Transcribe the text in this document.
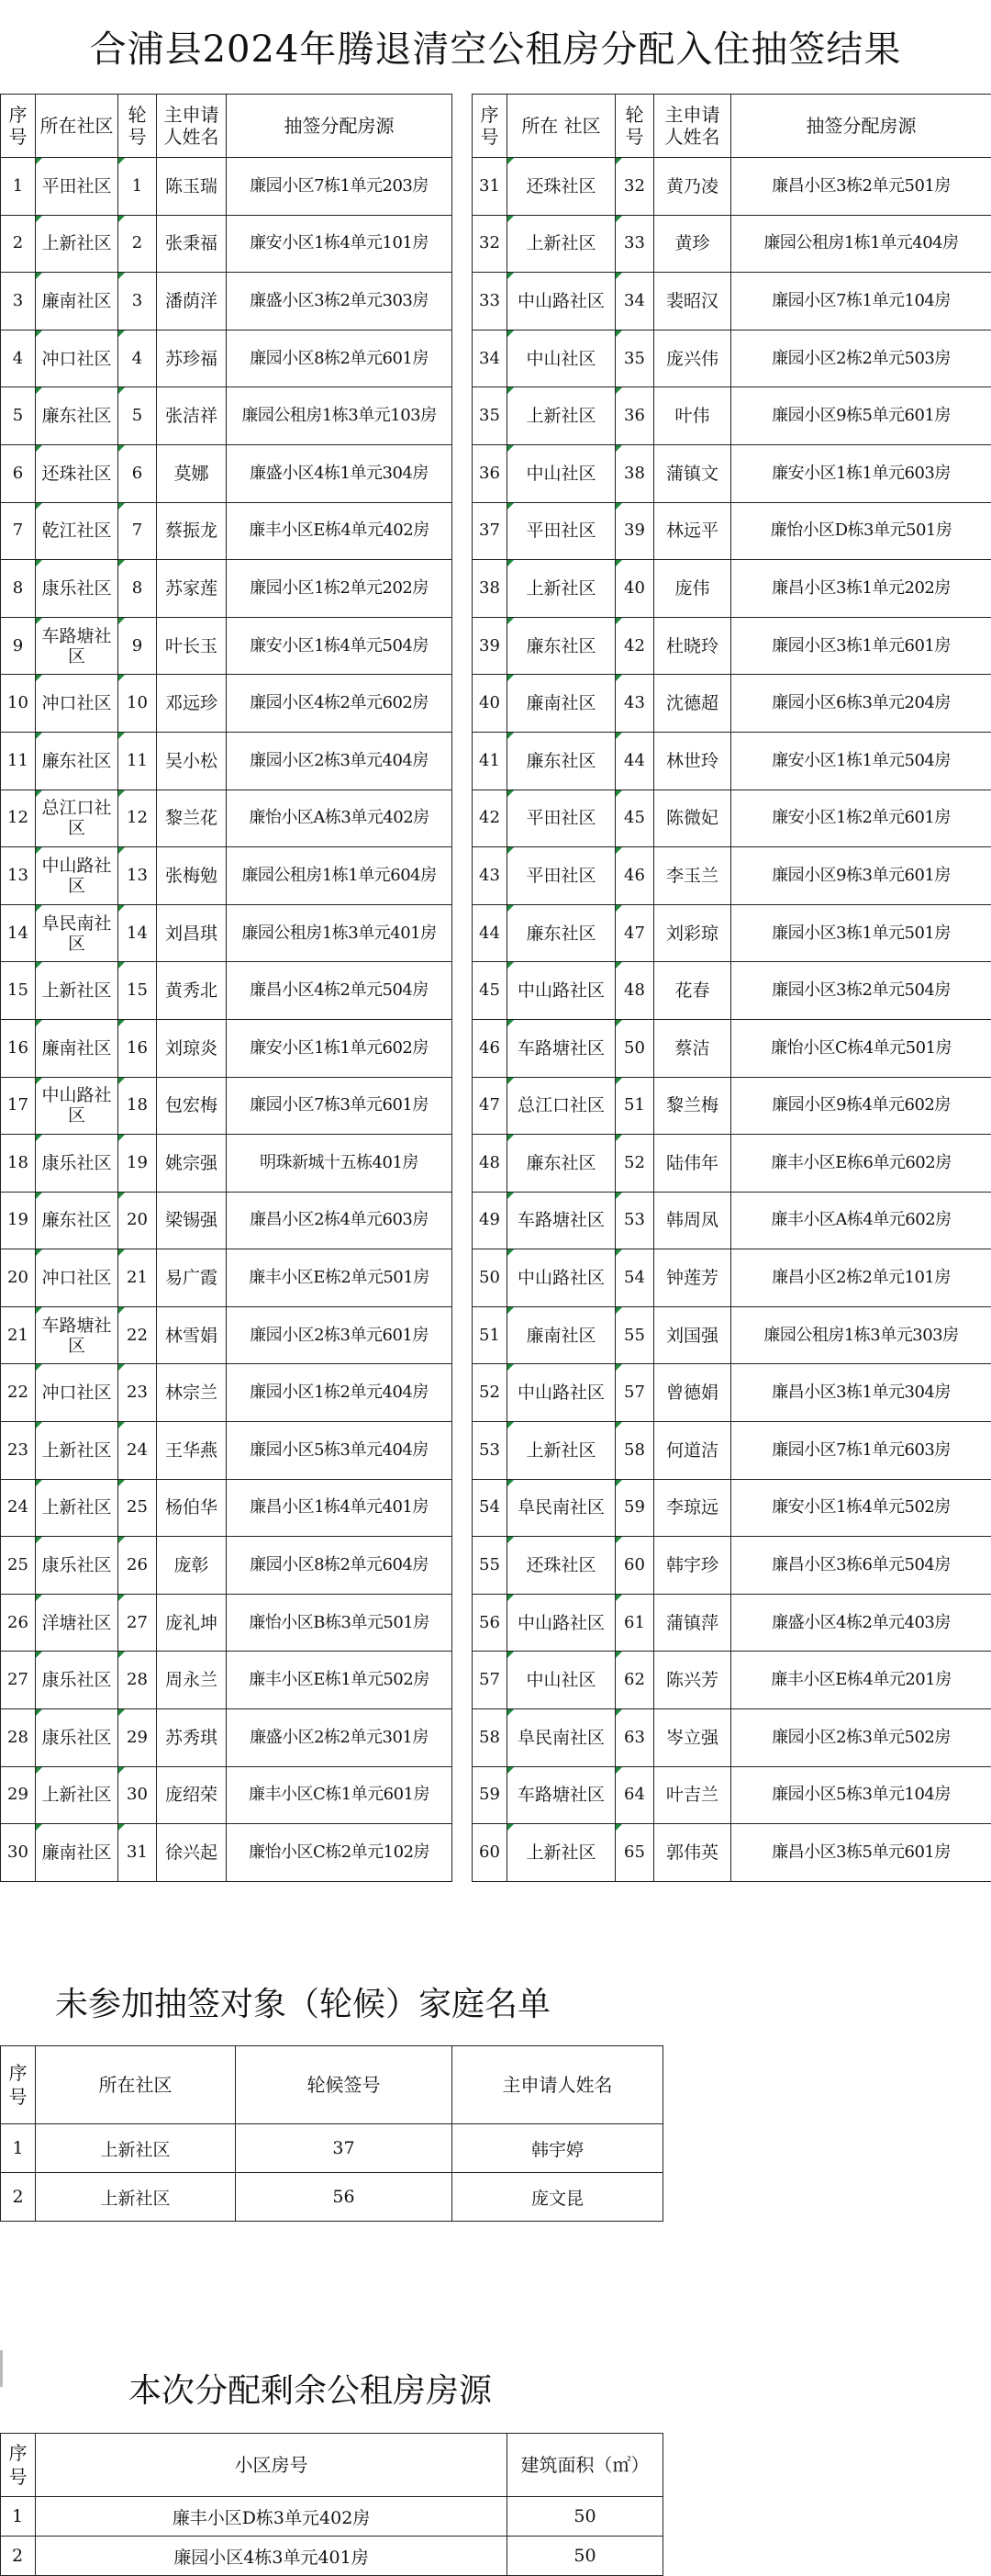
合浦县2024年腾退清空公租房分配入住抽签结果
序号	所在社区	轮号	主申请人姓名	抽签分配房源
1	平田社区	1	陈玉瑞	廉园小区7栋1单元203房
2	上新社区	2	张秉福	廉安小区1栋4单元101房
3	廉南社区	3	潘荫洋	廉盛小区3栋2单元303房
4	冲口社区	4	苏珍福	廉园小区8栋2单元601房
5	廉东社区	5	张洁祥	廉园公租房1栋3单元103房
6	还珠社区	6	莫娜	廉盛小区4栋1单元304房
7	乾江社区	7	蔡振龙	廉丰小区E栋4单元402房
8	康乐社区	8	苏家莲	廉园小区1栋2单元202房
9	车路塘社区	9	叶长玉	廉安小区1栋4单元504房
10	冲口社区	10	邓远珍	廉园小区4栋2单元602房
11	廉东社区	11	吴小松	廉园小区2栋3单元404房
12	总江口社区	12	黎兰花	廉怡小区A栋3单元402房
13	中山路社区	13	张梅勉	廉园公租房1栋1单元604房
14	阜民南社区	14	刘昌琪	廉园公租房1栋3单元401房
15	上新社区	15	黄秀北	廉昌小区4栋2单元504房
16	廉南社区	16	刘琼炎	廉安小区1栋1单元602房
17	中山路社区	18	包宏梅	廉园小区7栋3单元601房
18	康乐社区	19	姚宗强	明珠新城十五栋401房
19	廉东社区	20	梁锡强	廉昌小区2栋4单元603房
20	冲口社区	21	易广霞	廉丰小区E栋2单元501房
21	车路塘社区	22	林雪娟	廉园小区2栋3单元601房
22	冲口社区	23	林宗兰	廉园小区1栋2单元404房
23	上新社区	24	王华燕	廉园小区5栋3单元404房
24	上新社区	25	杨伯华	廉昌小区1栋4单元401房
25	康乐社区	26	庞彰	廉园小区8栋2单元604房
26	洋塘社区	27	庞礼坤	廉怡小区B栋3单元501房
27	康乐社区	28	周永兰	廉丰小区E栋1单元502房
28	康乐社区	29	苏秀琪	廉盛小区2栋2单元301房
29	上新社区	30	庞绍荣	廉丰小区C栋1单元601房
30	廉南社区	31	徐兴起	廉怡小区C栋2单元102房
序号	所在 社区	轮号	主申请人姓名	抽签分配房源
31	还珠社区	32	黄乃凌	廉昌小区3栋2单元501房
32	上新社区	33	黄珍	廉园公租房1栋1单元404房
33	中山路社区	34	裴昭汉	廉园小区7栋1单元104房
34	中山社区	35	庞兴伟	廉园小区2栋2单元503房
35	上新社区	36	叶伟	廉园小区9栋5单元601房
36	中山社区	38	蒲镇文	廉安小区1栋1单元603房
37	平田社区	39	林远平	廉怡小区D栋3单元501房
38	上新社区	40	庞伟	廉昌小区3栋1单元202房
39	廉东社区	42	杜晓玲	廉园小区3栋1单元601房
40	廉南社区	43	沈德超	廉园小区6栋3单元204房
41	廉东社区	44	林世玲	廉安小区1栋1单元504房
42	平田社区	45	陈微妃	廉安小区1栋2单元601房
43	平田社区	46	李玉兰	廉园小区9栋3单元601房
44	廉东社区	47	刘彩琼	廉园小区3栋1单元501房
45	中山路社区	48	花春	廉园小区3栋2单元504房
46	车路塘社区	50	蔡洁	廉怡小区C栋4单元501房
47	总江口社区	51	黎兰梅	廉园小区9栋4单元602房
48	廉东社区	52	陆伟年	廉丰小区E栋6单元602房
49	车路塘社区	53	韩周凤	廉丰小区A栋4单元602房
50	中山路社区	54	钟莲芳	廉昌小区2栋2单元101房
51	廉南社区	55	刘国强	廉园公租房1栋3单元303房
52	中山路社区	57	曾德娟	廉昌小区3栋1单元304房
53	上新社区	58	何道洁	廉园小区7栋1单元603房
54	阜民南社区	59	李琼远	廉安小区1栋4单元502房
55	还珠社区	60	韩宇珍	廉昌小区3栋6单元504房
56	中山路社区	61	蒲镇萍	廉盛小区4栋2单元403房
57	中山社区	62	陈兴芳	廉丰小区E栋4单元201房
58	阜民南社区	63	岑立强	廉园小区2栋3单元502房
59	车路塘社区	64	叶吉兰	廉园小区5栋3单元104房
60	上新社区	65	郭伟英	廉昌小区3栋5单元601房
未参加抽签对象（轮候）家庭名单
序号	所在社区	轮候签号	主申请人姓名
1	上新社区	37	韩宇婷
2	上新社区	56	庞文昆
本次分配剩余公租房房源
序号	小区房号	建筑面积（㎡）
1	廉丰小区D栋3单元402房	50
2	廉园小区4栋3单元401房	50
